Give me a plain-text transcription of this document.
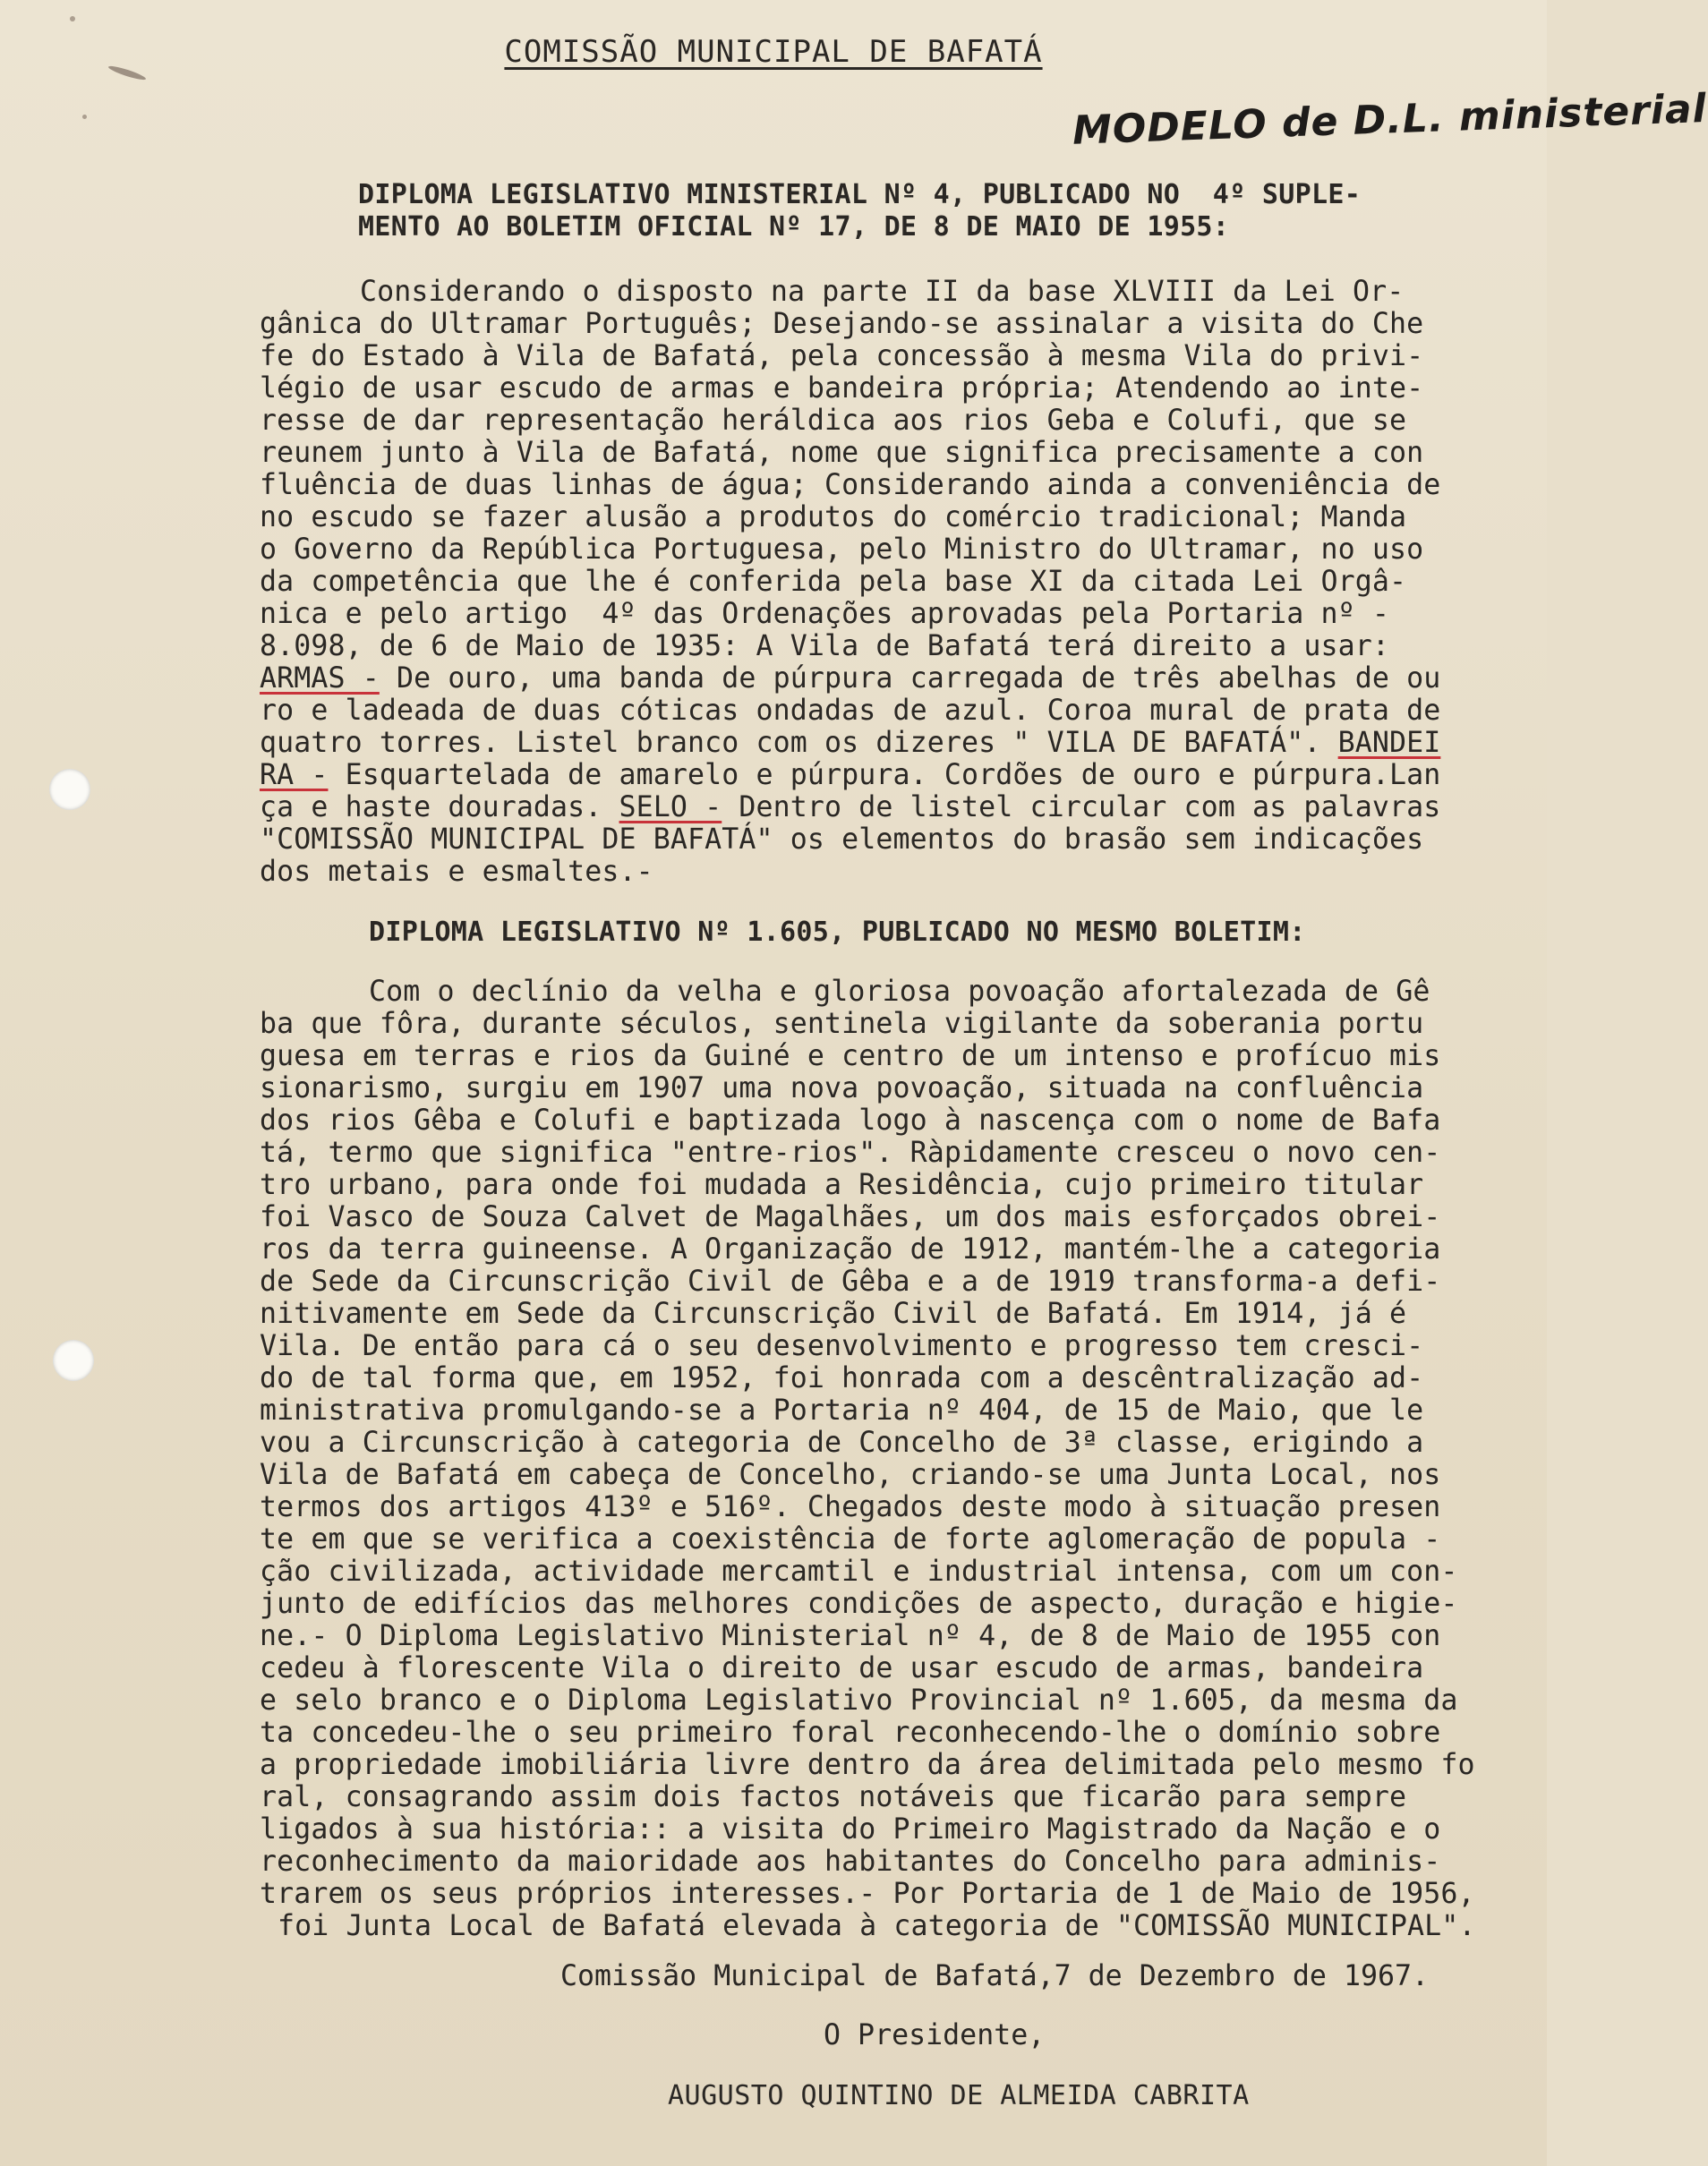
COMISSÃO MUNICIPAL DE BAFATÁ
MODELO de D.L. ministerial
DIPLOMA LEGISLATIVO MINISTERIAL Nº 4, PUBLICADO NO  4º SUPLE-
MENTO AO BOLETIM OFICIAL Nº 17, DE 8 DE MAIO DE 1955:
Considerando o disposto na parte II da base XLVIII da Lei Or-
gânica do Ultramar Português; Desejando-se assinalar a visita do Che
fe do Estado à Vila de Bafatá, pela concessão à mesma Vila do privi-
légio de usar escudo de armas e bandeira própria; Atendendo ao inte-
resse de dar representação heráldica aos rios Geba e Colufi, que se
reunem junto à Vila de Bafatá, nome que significa precisamente a con
fluência de duas linhas de água; Considerando ainda a conveniência de
no escudo se fazer alusão a produtos do comércio tradicional; Manda
o Governo da República Portuguesa, pelo Ministro do Ultramar, no uso
da competência que lhe é conferida pela base XI da citada Lei Orgâ-
nica e pelo artigo  4º das Ordenações aprovadas pela Portaria nº -
8.098, de 6 de Maio de 1935: A Vila de Bafatá terá direito a usar:
ARMAS - De ouro, uma banda de púrpura carregada de três abelhas de ou
ro e ladeada de duas cóticas ondadas de azul. Coroa mural de prata de
quatro torres. Listel branco com os dizeres " VILA DE BAFATÁ". BANDEI
RA - Esquartelada de amarelo e púrpura. Cordões de ouro e púrpura.Lan
ça e haste douradas. SELO - Dentro de listel circular com as palavras
"COMISSÃO MUNICIPAL DE BAFATÁ" os elementos do brasão sem indicações
dos metais e esmaltes.-
DIPLOMA LEGISLATIVO Nº 1.605, PUBLICADO NO MESMO BOLETIM:
Com o declínio da velha e gloriosa povoação afortalezada de Gê
ba que fôra, durante séculos, sentinela vigilante da soberania portu
guesa em terras e rios da Guiné e centro de um intenso e profícuo mis
sionarismo, surgiu em 1907 uma nova povoação, situada na confluência
dos rios Gêba e Colufi e baptizada logo à nascença com o nome de Bafa
tá, termo que significa "entre-rios". Ràpidamente cresceu o novo cen-
tro urbano, para onde foi mudada a Residência, cujo primeiro titular
foi Vasco de Souza Calvet de Magalhães, um dos mais esforçados obrei-
ros da terra guineense. A Organização de 1912, mantém-lhe a categoria
de Sede da Circunscrição Civil de Gêba e a de 1919 transforma-a defi-
nitivamente em Sede da Circunscrição Civil de Bafatá. Em 1914, já é
Vila. De então para cá o seu desenvolvimento e progresso tem cresci-
do de tal forma que, em 1952, foi honrada com a descêntralização ad-
ministrativa promulgando-se a Portaria nº 404, de 15 de Maio, que le
vou a Circunscrição à categoria de Concelho de 3ª classe, erigindo a
Vila de Bafatá em cabeça de Concelho, criando-se uma Junta Local, nos
termos dos artigos 413º e 516º. Chegados deste modo à situação presen
te em que se verifica a coexistência de forte aglomeração de popula -
ção civilizada, actividade mercamtil e industrial intensa, com um con-
junto de edifícios das melhores condições de aspecto, duração e higie-
ne.- O Diploma Legislativo Ministerial nº 4, de 8 de Maio de 1955 con
cedeu à florescente Vila o direito de usar escudo de armas, bandeira
e selo branco e o Diploma Legislativo Provincial nº 1.605, da mesma da
ta concedeu-lhe o seu primeiro foral reconhecendo-lhe o domínio sobre
a propriedade imobiliária livre dentro da área delimitada pelo mesmo fo
ral, consagrando assim dois factos notáveis que ficarão para sempre
ligados à sua história:: a visita do Primeiro Magistrado da Nação e o
reconhecimento da maioridade aos habitantes do Concelho para adminis-
trarem os seus próprios interesses.- Por Portaria de 1 de Maio de 1956,
foi Junta Local de Bafatá elevada à categoria de "COMISSÃO MUNICIPAL".
Comissão Municipal de Bafatá,7 de Dezembro de 1967.
O Presidente,
AUGUSTO QUINTINO DE ALMEIDA CABRITA
